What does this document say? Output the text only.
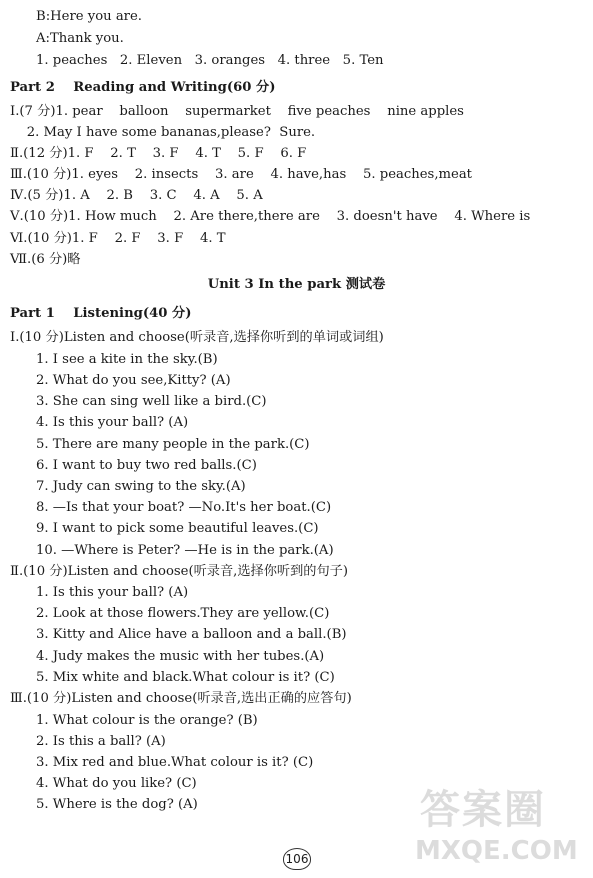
B:Here you are.
A:Thank you.
1. peaches   2. Eleven   3. oranges   4. three   5. Ten
Part 2    Reading and Writing(60 分)
Ⅰ.(7 分)1. pear    balloon    supermarket    five peaches    nine apples
2. May I have some bananas,please?  Sure.
Ⅱ.(12 分)1. F    2. T    3. F    4. T    5. F    6. F
Ⅲ.(10 分)1. eyes    2. insects    3. are    4. have,has    5. peaches,meat
Ⅳ.(5 分)1. A    2. B    3. C    4. A    5. A
Ⅴ.(10 分)1. How much    2. Are there,there are    3. doesn't have    4. Where is
Ⅵ.(10 分)1. F    2. F    3. F    4. T
Ⅶ.(6 分)略
Unit 3 In the park 测试卷
Part 1    Listening(40 分)
Ⅰ.(10 分)Listen and choose(听录音,选择你听到的单词或词组)
1. I see a kite in the sky.(B)
2. What do you see,Kitty? (A)
3. She can sing well like a bird.(C)
4. Is this your ball? (A)
5. There are many people in the park.(C)
6. I want to buy two red balls.(C)
7. Judy can swing to the sky.(A)
8. —Is that your boat? —No.It's her boat.(C)
9. I want to pick some beautiful leaves.(C)
10. —Where is Peter? —He is in the park.(A)
Ⅱ.(10 分)Listen and choose(听录音,选择你听到的句子)
1. Is this your ball? (A)
2. Look at those flowers.They are yellow.(C)
3. Kitty and Alice have a balloon and a ball.(B)
4. Judy makes the music with her tubes.(A)
5. Mix white and black.What colour is it? (C)
Ⅲ.(10 分)Listen and choose(听录音,选出正确的应答句)
1. What colour is the orange? (B)
2. Is this a ball? (A)
3. Mix red and blue.What colour is it? (C)
4. What do you like? (C)
5. Where is the dog? (A)
106
答案圈
MXQE.COM
